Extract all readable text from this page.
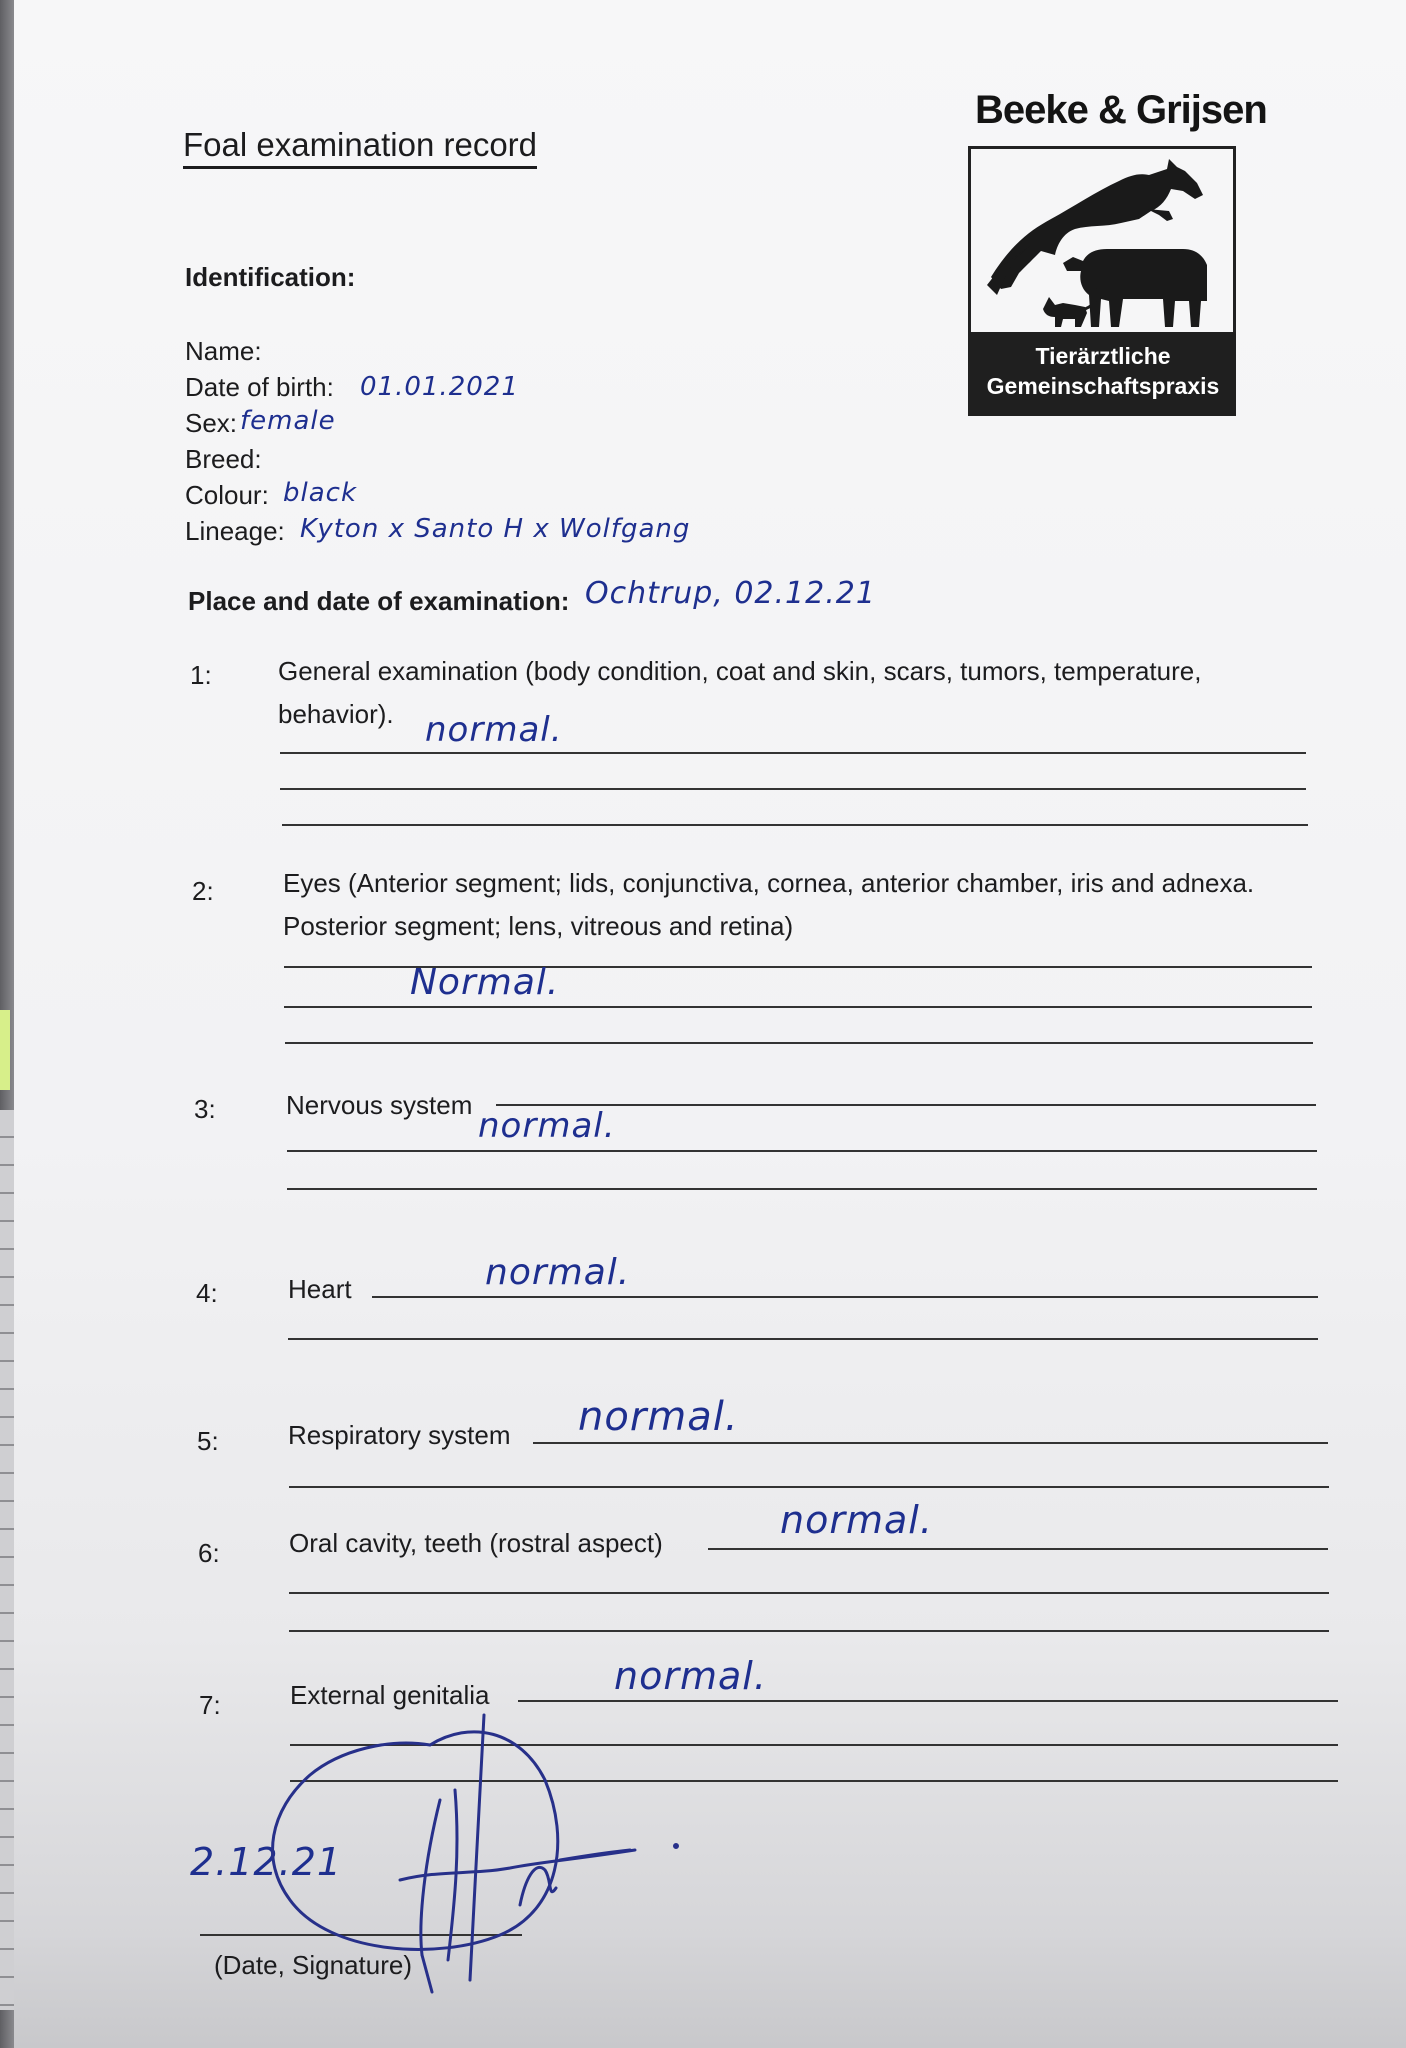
Foal examination record
Beeke & Grijsen
Tierärztliche
Gemeinschaftspraxis
Identification:
Name:
Date of birth: 01.01.2021
Sex: female
Breed:
Colour: black
Lineage: Kyton x Santo H x Wolfgang
Place and date of examination: Ochtrup, 02.12.21
1:	General examination (body condition, coat and skin, scars, tumors, temperature, behavior). normal.
2:	Eyes (Anterior segment; lids, conjunctiva, cornea, anterior chamber, iris and adnexa. Posterior segment; lens, vitreous and retina)
Normal.
3:	Nervous system
normal.
4:	Heart	normal.
5:	Respiratory system normal.
6:	Oral cavity, teeth (rostral aspect)
normal.
7:	External genitalia	normal.
2.12.21
(Date, Signature)
